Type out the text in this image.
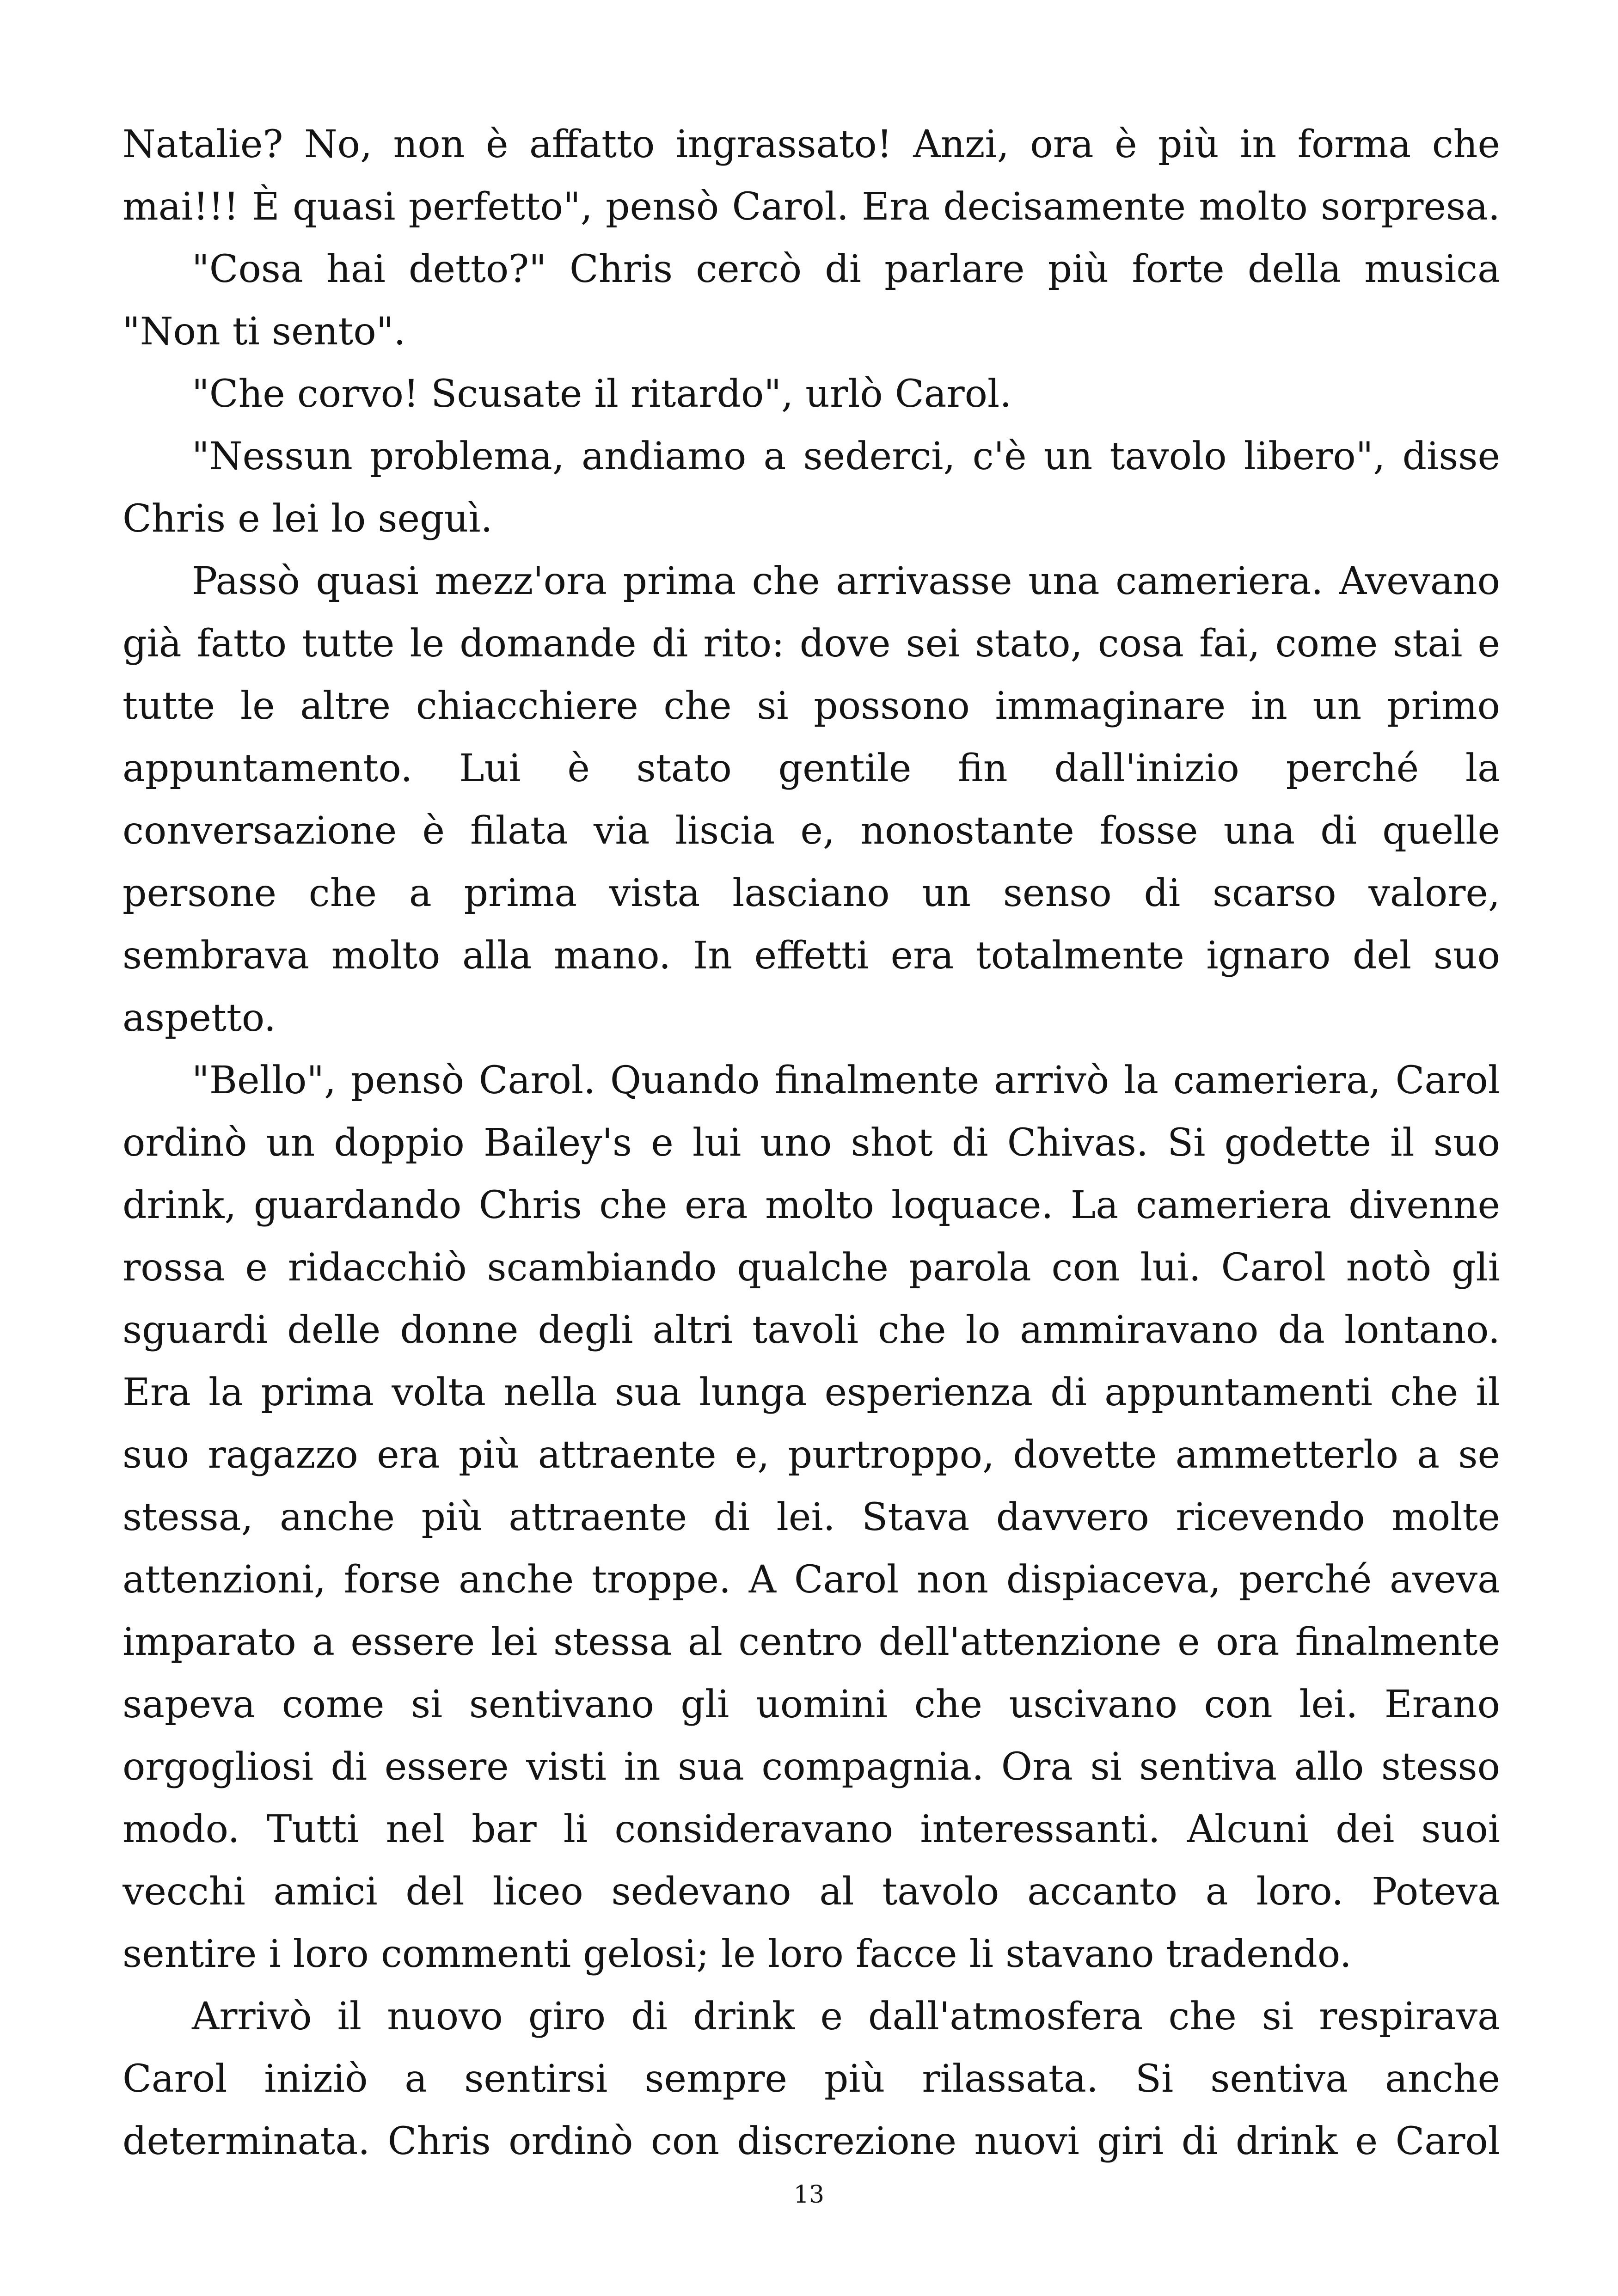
Natalie? No, non è affatto ingrassato! Anzi, ora è più in forma che
mai!!! È quasi perfetto", pensò Carol. Era decisamente molto sorpresa.
"Cosa hai detto?" Chris cercò di parlare più forte della musica
"Non ti sento".
"Che corvo! Scusate il ritardo", urlò Carol.
"Nessun problema, andiamo a sederci, c'è un tavolo libero", disse
Chris e lei lo seguì.
Passò quasi mezz'ora prima che arrivasse una cameriera. Avevano
già fatto tutte le domande di rito: dove sei stato, cosa fai, come stai e
tutte le altre chiacchiere che si possono immaginare in un primo
appuntamento. Lui è stato gentile fin dall'inizio perché la
conversazione è filata via liscia e, nonostante fosse una di quelle
persone che a prima vista lasciano un senso di scarso valore,
sembrava molto alla mano. In effetti era totalmente ignaro del suo
aspetto.
"Bello", pensò Carol. Quando finalmente arrivò la cameriera, Carol
ordinò un doppio Bailey's e lui uno shot di Chivas. Si godette il suo
drink, guardando Chris che era molto loquace. La cameriera divenne
rossa e ridacchiò scambiando qualche parola con lui. Carol notò gli
sguardi delle donne degli altri tavoli che lo ammiravano da lontano.
Era la prima volta nella sua lunga esperienza di appuntamenti che il
suo ragazzo era più attraente e, purtroppo, dovette ammetterlo a se
stessa, anche più attraente di lei. Stava davvero ricevendo molte
attenzioni, forse anche troppe. A Carol non dispiaceva, perché aveva
imparato a essere lei stessa al centro dell'attenzione e ora finalmente
sapeva come si sentivano gli uomini che uscivano con lei. Erano
orgogliosi di essere visti in sua compagnia. Ora si sentiva allo stesso
modo. Tutti nel bar li consideravano interessanti. Alcuni dei suoi
vecchi amici del liceo sedevano al tavolo accanto a loro. Poteva
sentire i loro commenti gelosi; le loro facce li stavano tradendo.
Arrivò il nuovo giro di drink e dall'atmosfera che si respirava
Carol iniziò a sentirsi sempre più rilassata. Si sentiva anche
determinata. Chris ordinò con discrezione nuovi giri di drink e Carol
13
